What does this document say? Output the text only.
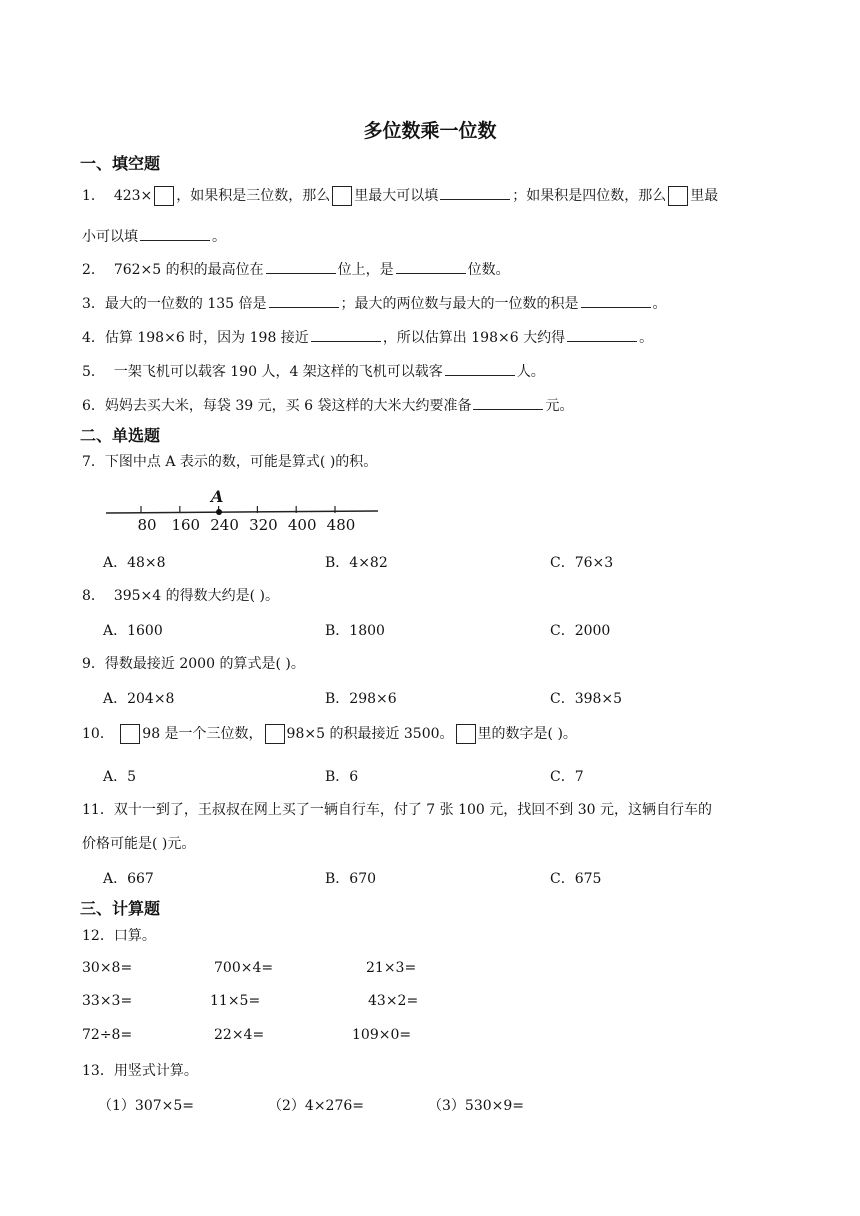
多位数乘一位数
一、填空题
1． 423× ，如果积是三位数，那么 里最大可以填	；如果积是四位数，那么 里最
小可以填	。
2． 762×5 的积的最高位在	位上，是	位数。
3．最大的一位数的 135 倍是	；最大的两位数与最大的一位数的积是	。
4．估算 198×6 时，因为 198 接近	，所以估算出 198×6 大约得	。
5． 一架飞机可以载客 190 人，4 架这样的飞机可以载客	人。
6．妈妈去买大米，每袋 39 元，买 6 袋这样的大米大约要准备	元。
二、单选题
7．下图中点 A 表示的数，可能是算式( )的积。
80 160 240 320 400 480
A
A．48×8	B．4×82	C．76×3
8． 395×4 的得数大约是( )。
A．1600	B．1800	C．2000
9．得数最接近 2000 的算式是( )。
A．204×8	B．298×6	C．398×5
10． 98 是一个三位数， 98×5 的积最接近 3500。 里的数字是( )。
A．5	B．6	C．7
11．双十一到了，王叔叔在网上买了一辆自行车，付了 7 张 100 元，找回不到 30 元，这辆自行车的
价格可能是( )元。
A．667	B．670	C．675
三、计算题
12．口算。
30×8=	700×4=	21×3=
33×3=	11×5=	43×2=
72÷8=	22×4=	109×0=
13．用竖式计算。
（1）307×5=	（2）4×276=	（3）530×9=
